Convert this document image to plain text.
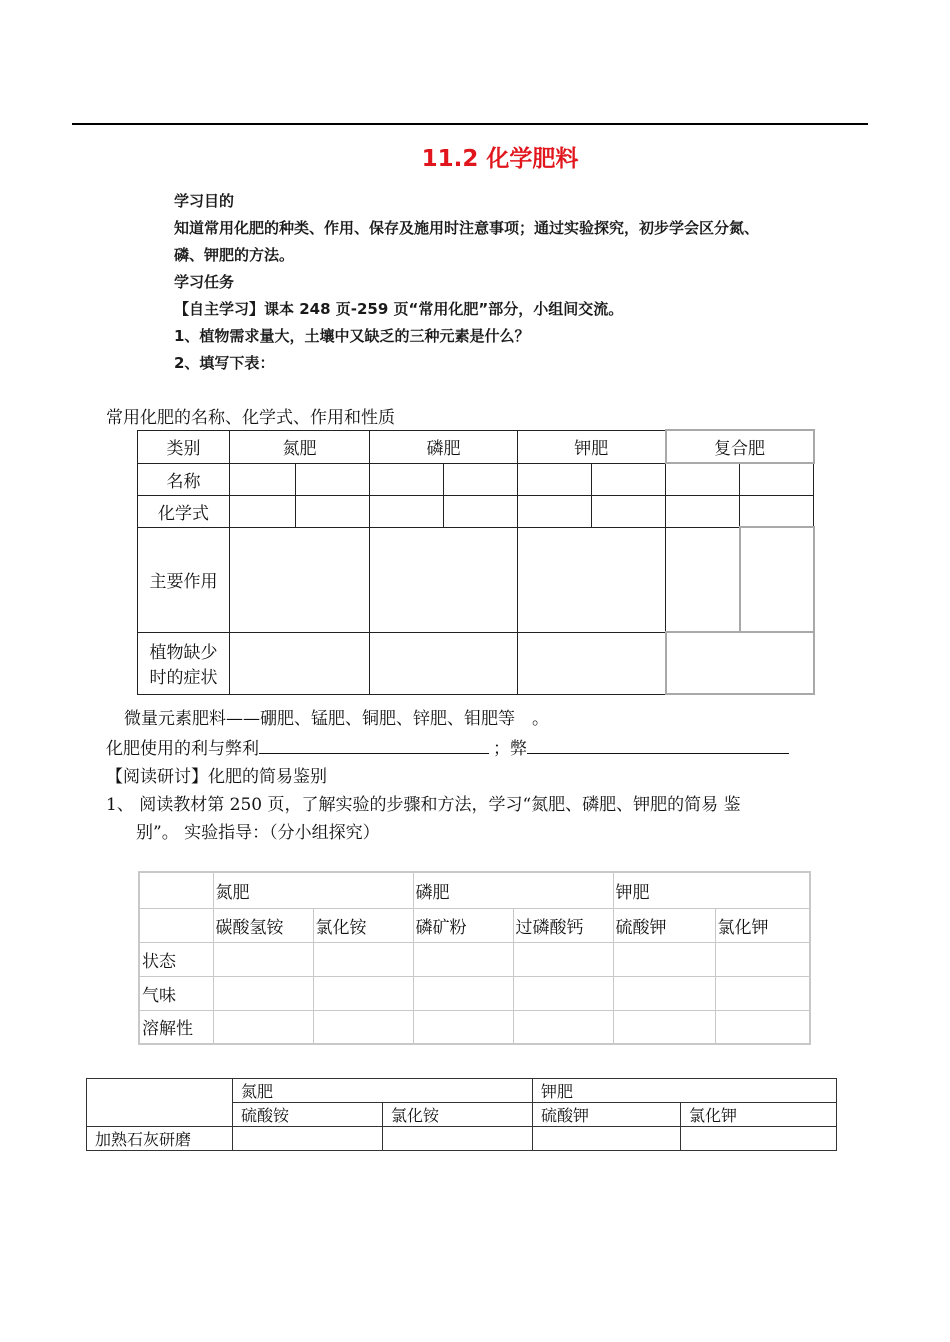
11.2 化学肥料
学习目的
知道常用化肥的种类、作用、保存及施用时注意事项；通过实验探究，初步学会区分氮、
磷、钾肥的方法。
学习任务
【自主学习】课本 248 页-259 页“常用化肥”部分，小组间交流。
1、植物需求量大，土壤中又缺乏的三种元素是什么？
2、填写下表：
常用化肥的名称、化学式、作用和性质
类别	氮肥		磷肥		钾肥		复合肥	
名称								
化学式								
主要作用								

植物缺少
时的症状								

微量元素肥料——硼肥、锰肥、铜肥、锌肥、钼肥等　。
化肥使用的利与弊利	；弊
【阅读研讨】化肥的简易鉴别
1、 阅读教材第 250 页，了解实验的步骤和方法，学习“氮肥、磷肥、钾肥的简易 鉴
别”。 实验指导：（分小组探究）
	氮肥		磷肥		钾肥	
	碳酸氢铵	氯化铵	磷矿粉	过磷酸钙	硫酸钾	氯化钾
状态						
气味						
溶解性						
	氮肥		钾肥	
	硫酸铵	氯化铵	硫酸钾	氯化钾
加熟石灰研磨				
